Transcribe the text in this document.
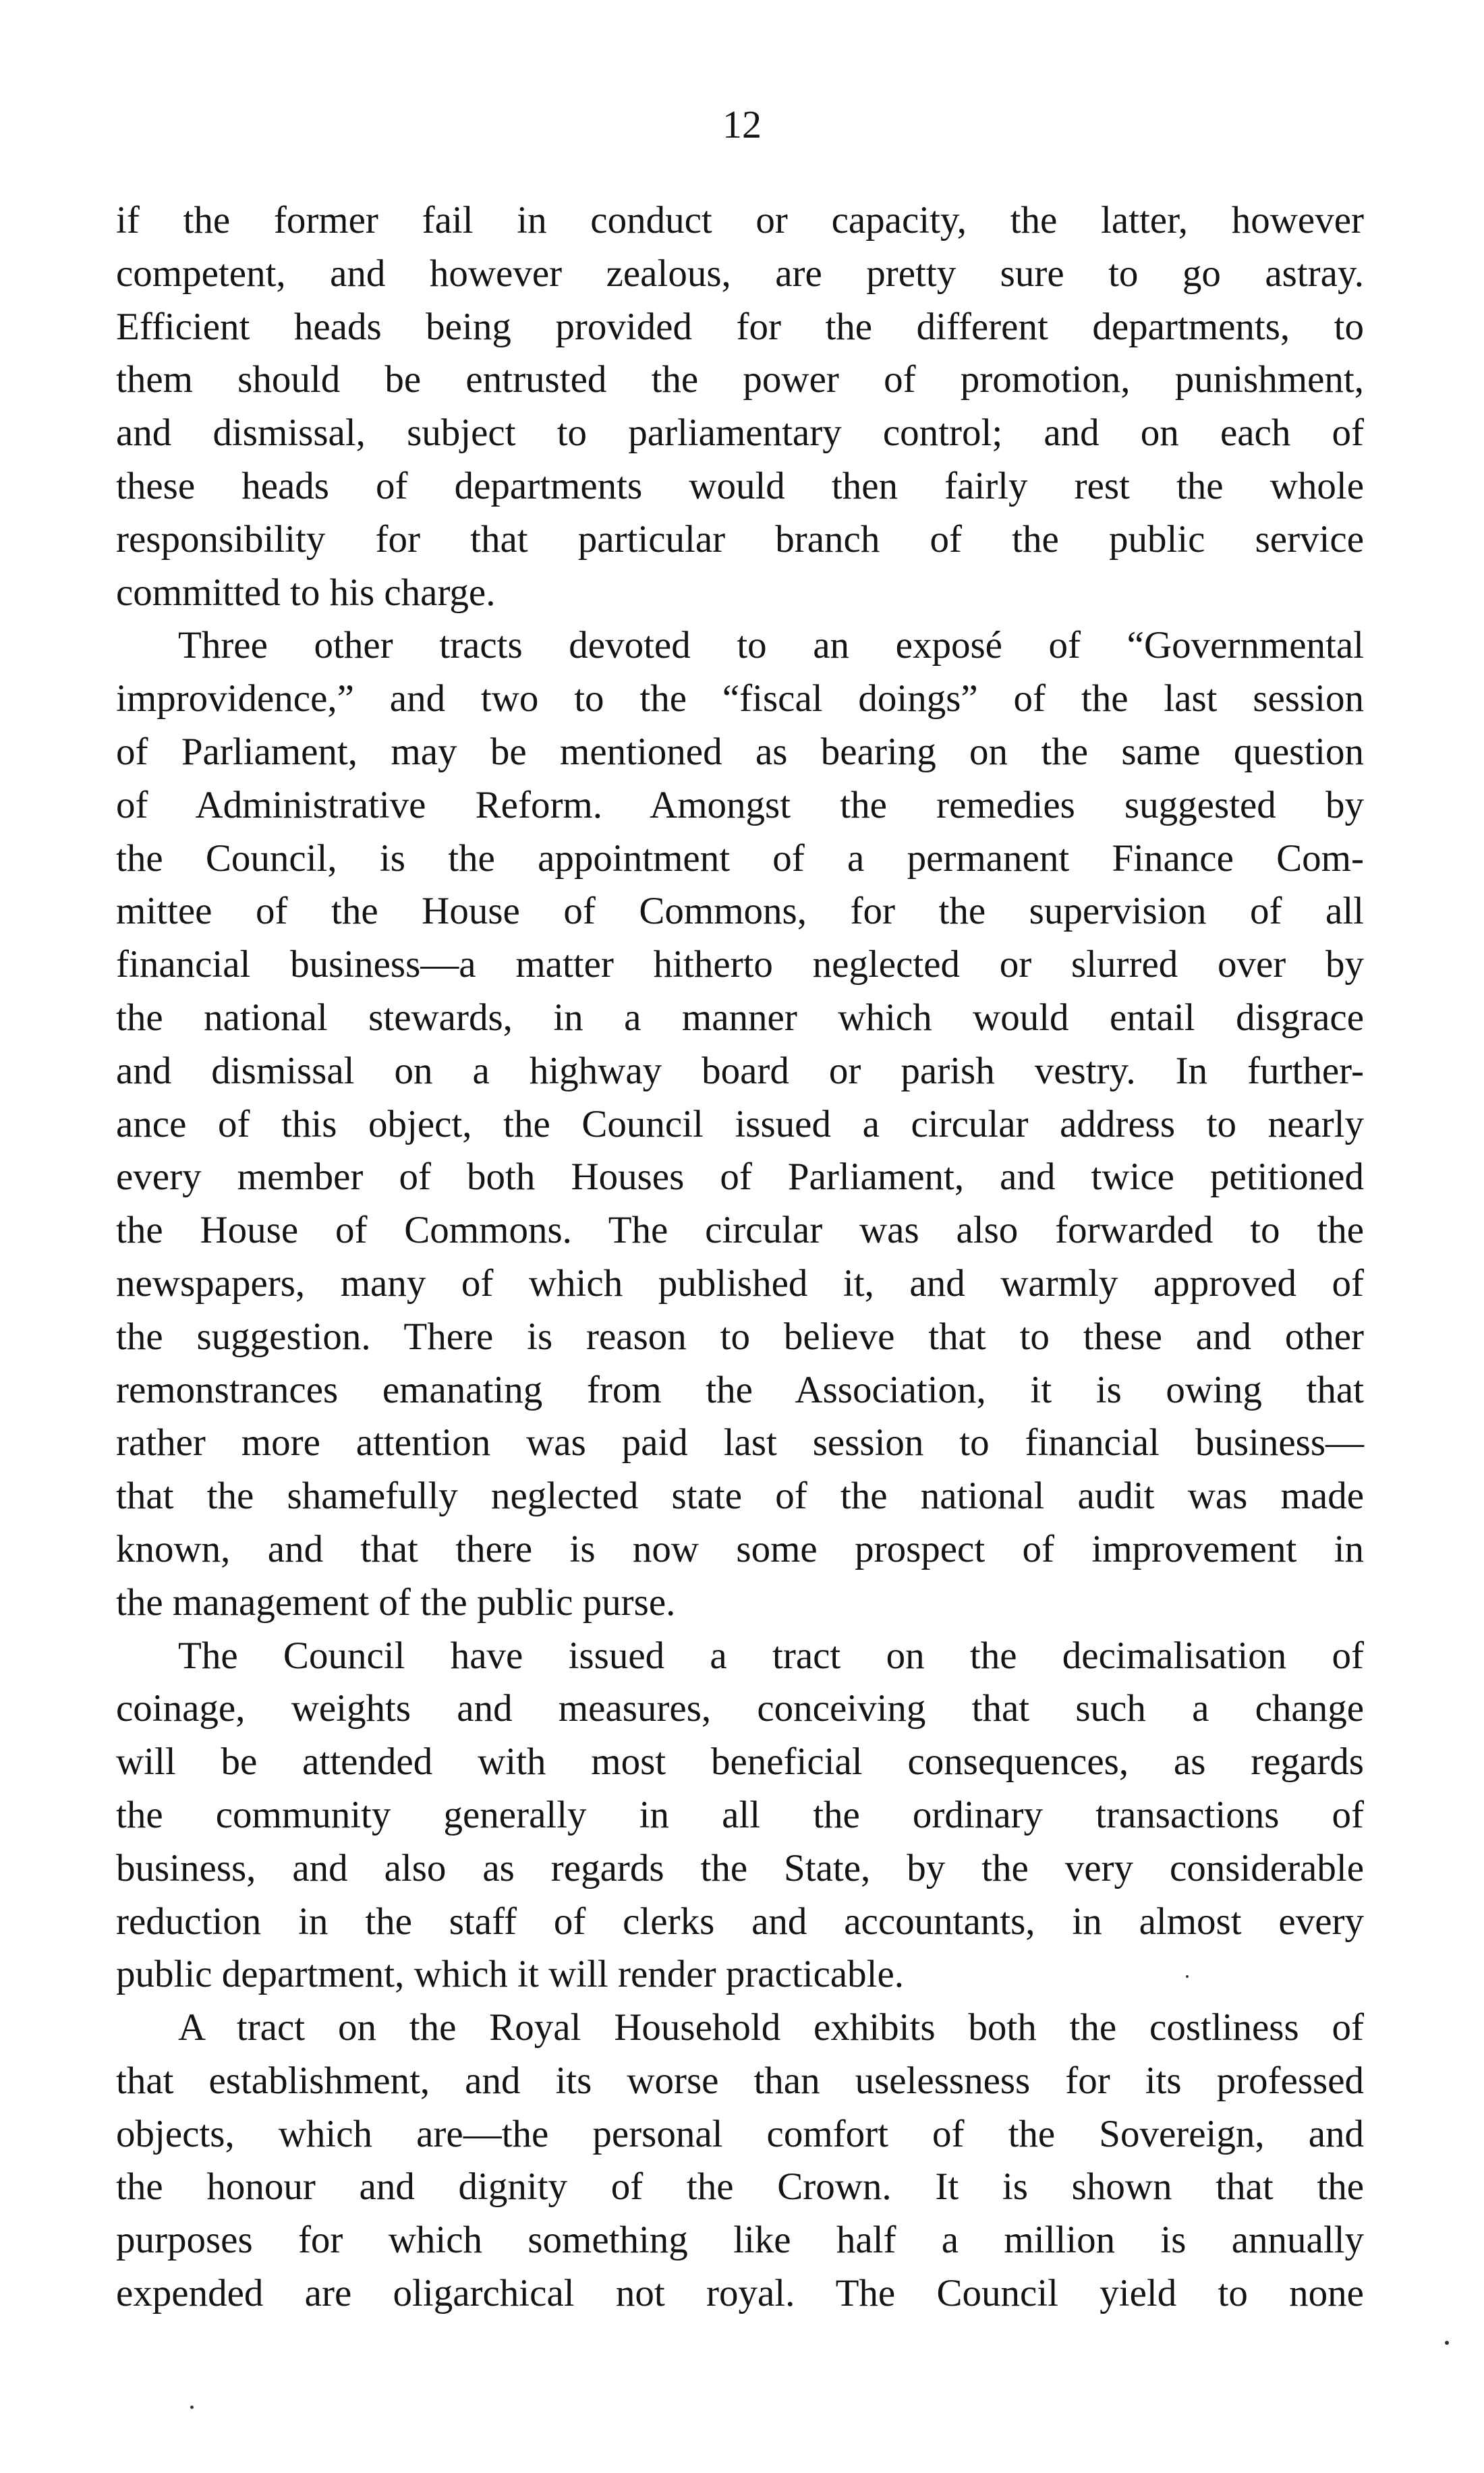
12
if the former fail in conduct or capacity, the latter, however
competent, and however zealous, are pretty sure to go astray.
Efficient heads being provided for the different departments, to
them should be entrusted the power of promotion, punishment,
and dismissal, subject to parliamentary control; and on each of
these heads of departments would then fairly rest the whole
responsibility for that particular branch of the public service
committed to his charge.
Three other tracts devoted to an exposé of “Governmental
improvidence,” and two to the “fiscal doings” of the last session
of Parliament, may be mentioned as bearing on the same question
of Administrative Reform. Amongst the remedies suggested by
the Council, is the appointment of a permanent Finance Com-
mittee of the House of Commons, for the supervision of all
financial business—a matter hitherto neglected or slurred over by
the national stewards, in a manner which would entail disgrace
and dismissal on a highway board or parish vestry. In further-
ance of this object, the Council issued a circular address to nearly
every member of both Houses of Parliament, and twice petitioned
the House of Commons. The circular was also forwarded to the
newspapers, many of which published it, and warmly approved of
the suggestion. There is reason to believe that to these and other
remonstrances emanating from the Association, it is owing that
rather more attention was paid last session to financial business—
that the shamefully neglected state of the national audit was made
known, and that there is now some prospect of improvement in
the management of the public purse.
The Council have issued a tract on the decimalisation of
coinage, weights and measures, conceiving that such a change
will be attended with most beneficial consequences, as regards
the community generally in all the ordinary transactions of
business, and also as regards the State, by the very considerable
reduction in the staff of clerks and accountants, in almost every
public department, which it will render practicable.
A tract on the Royal Household exhibits both the costliness of
that establishment, and its worse than uselessness for its professed
objects, which are—the personal comfort of the Sovereign, and
the honour and dignity of the Crown. It is shown that the
purposes for which something like half a million is annually
expended are oligarchical not royal. The Council yield to none
